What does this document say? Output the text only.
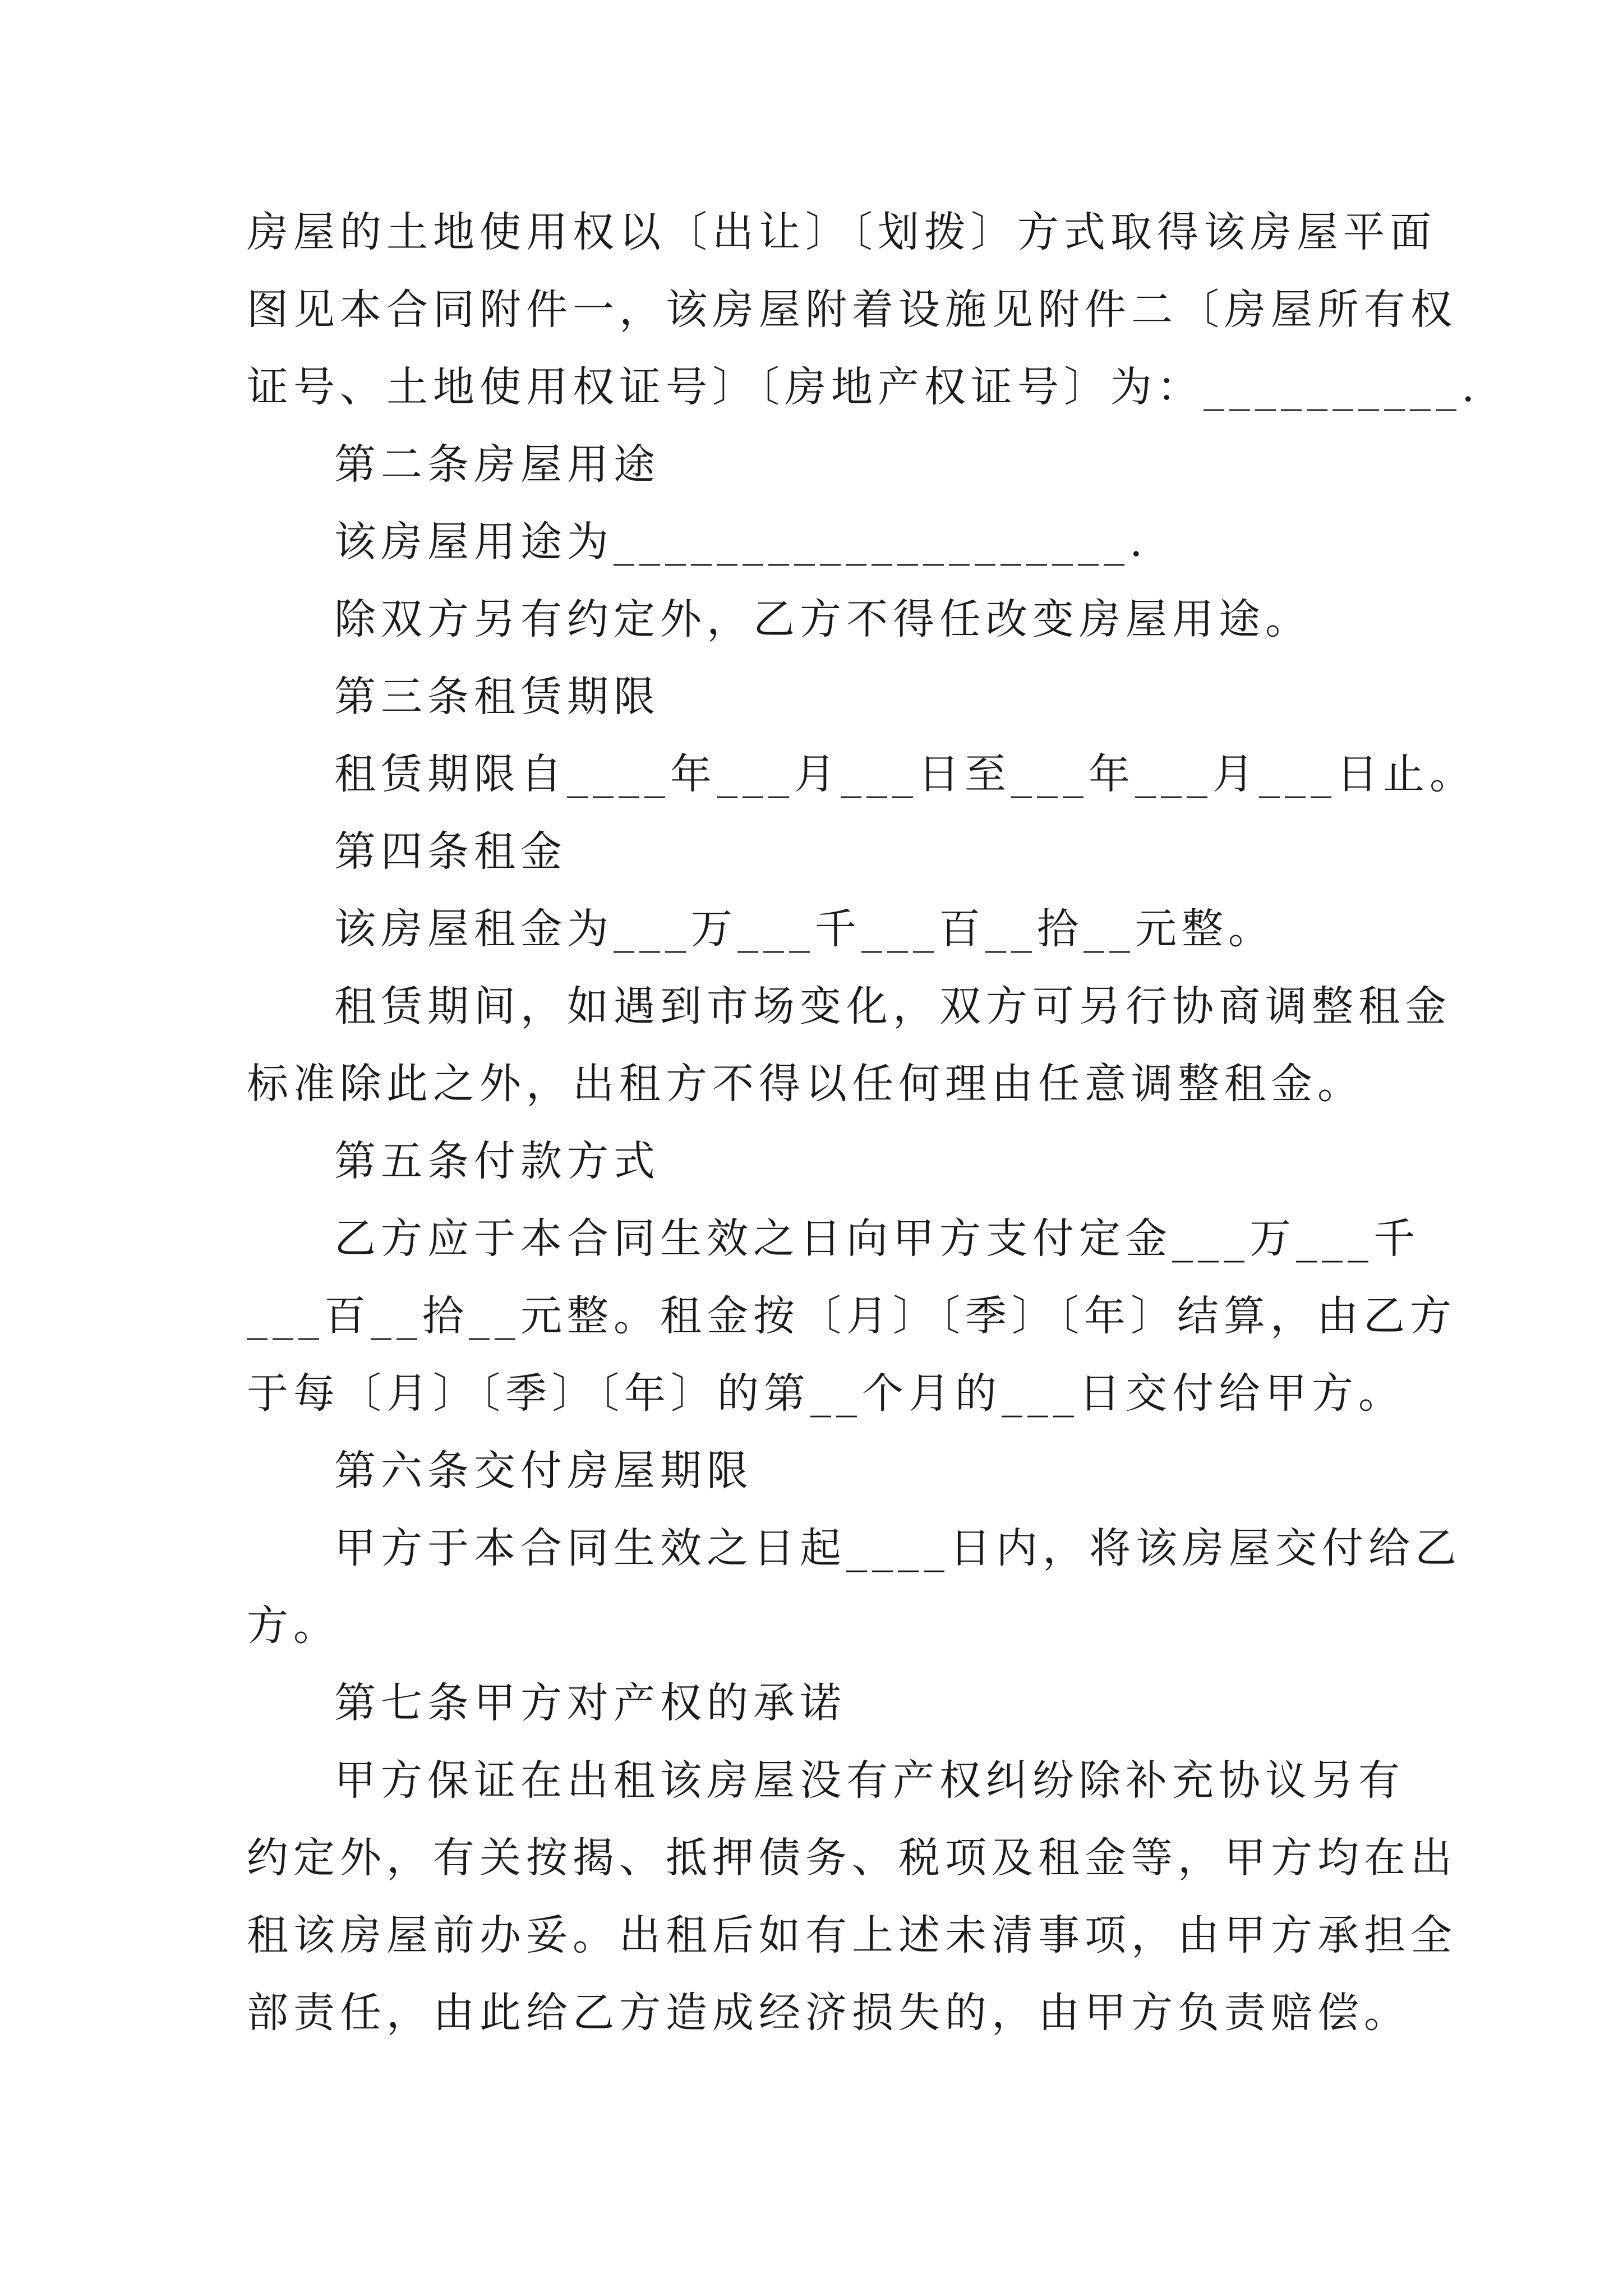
房屋的土地使用权以〔出让〕〔划拨〕方式取得该房屋平面
图见本合同附件一，该房屋附着设施见附件二〔房屋所有权
证号、土地使用权证号〕〔房地产权证号〕为：__________.
第二条房屋用途
该房屋用途为____________________.
除双方另有约定外，乙方不得任改变房屋用途。
第三条租赁期限
租赁期限自____年___月___日至___年___月___日止。
第四条租金
该房屋租金为___万___千___百__拾__元整。
租赁期间，如遇到市场变化，双方可另行协商调整租金
标准除此之外，出租方不得以任何理由任意调整租金。
第五条付款方式
乙方应于本合同生效之日向甲方支付定金___万___千
___百__拾__元整。租金按〔月〕〔季〕〔年〕结算，由乙方
于每〔月〕〔季〕〔年〕的第__个月的___日交付给甲方。
第六条交付房屋期限
甲方于本合同生效之日起____日内，将该房屋交付给乙
方。
第七条甲方对产权的承诺
甲方保证在出租该房屋没有产权纠纷除补充协议另有
约定外，有关按揭、抵押债务、税项及租金等，甲方均在出
租该房屋前办妥。出租后如有上述未清事项，由甲方承担全
部责任，由此给乙方造成经济损失的，由甲方负责赔偿。
